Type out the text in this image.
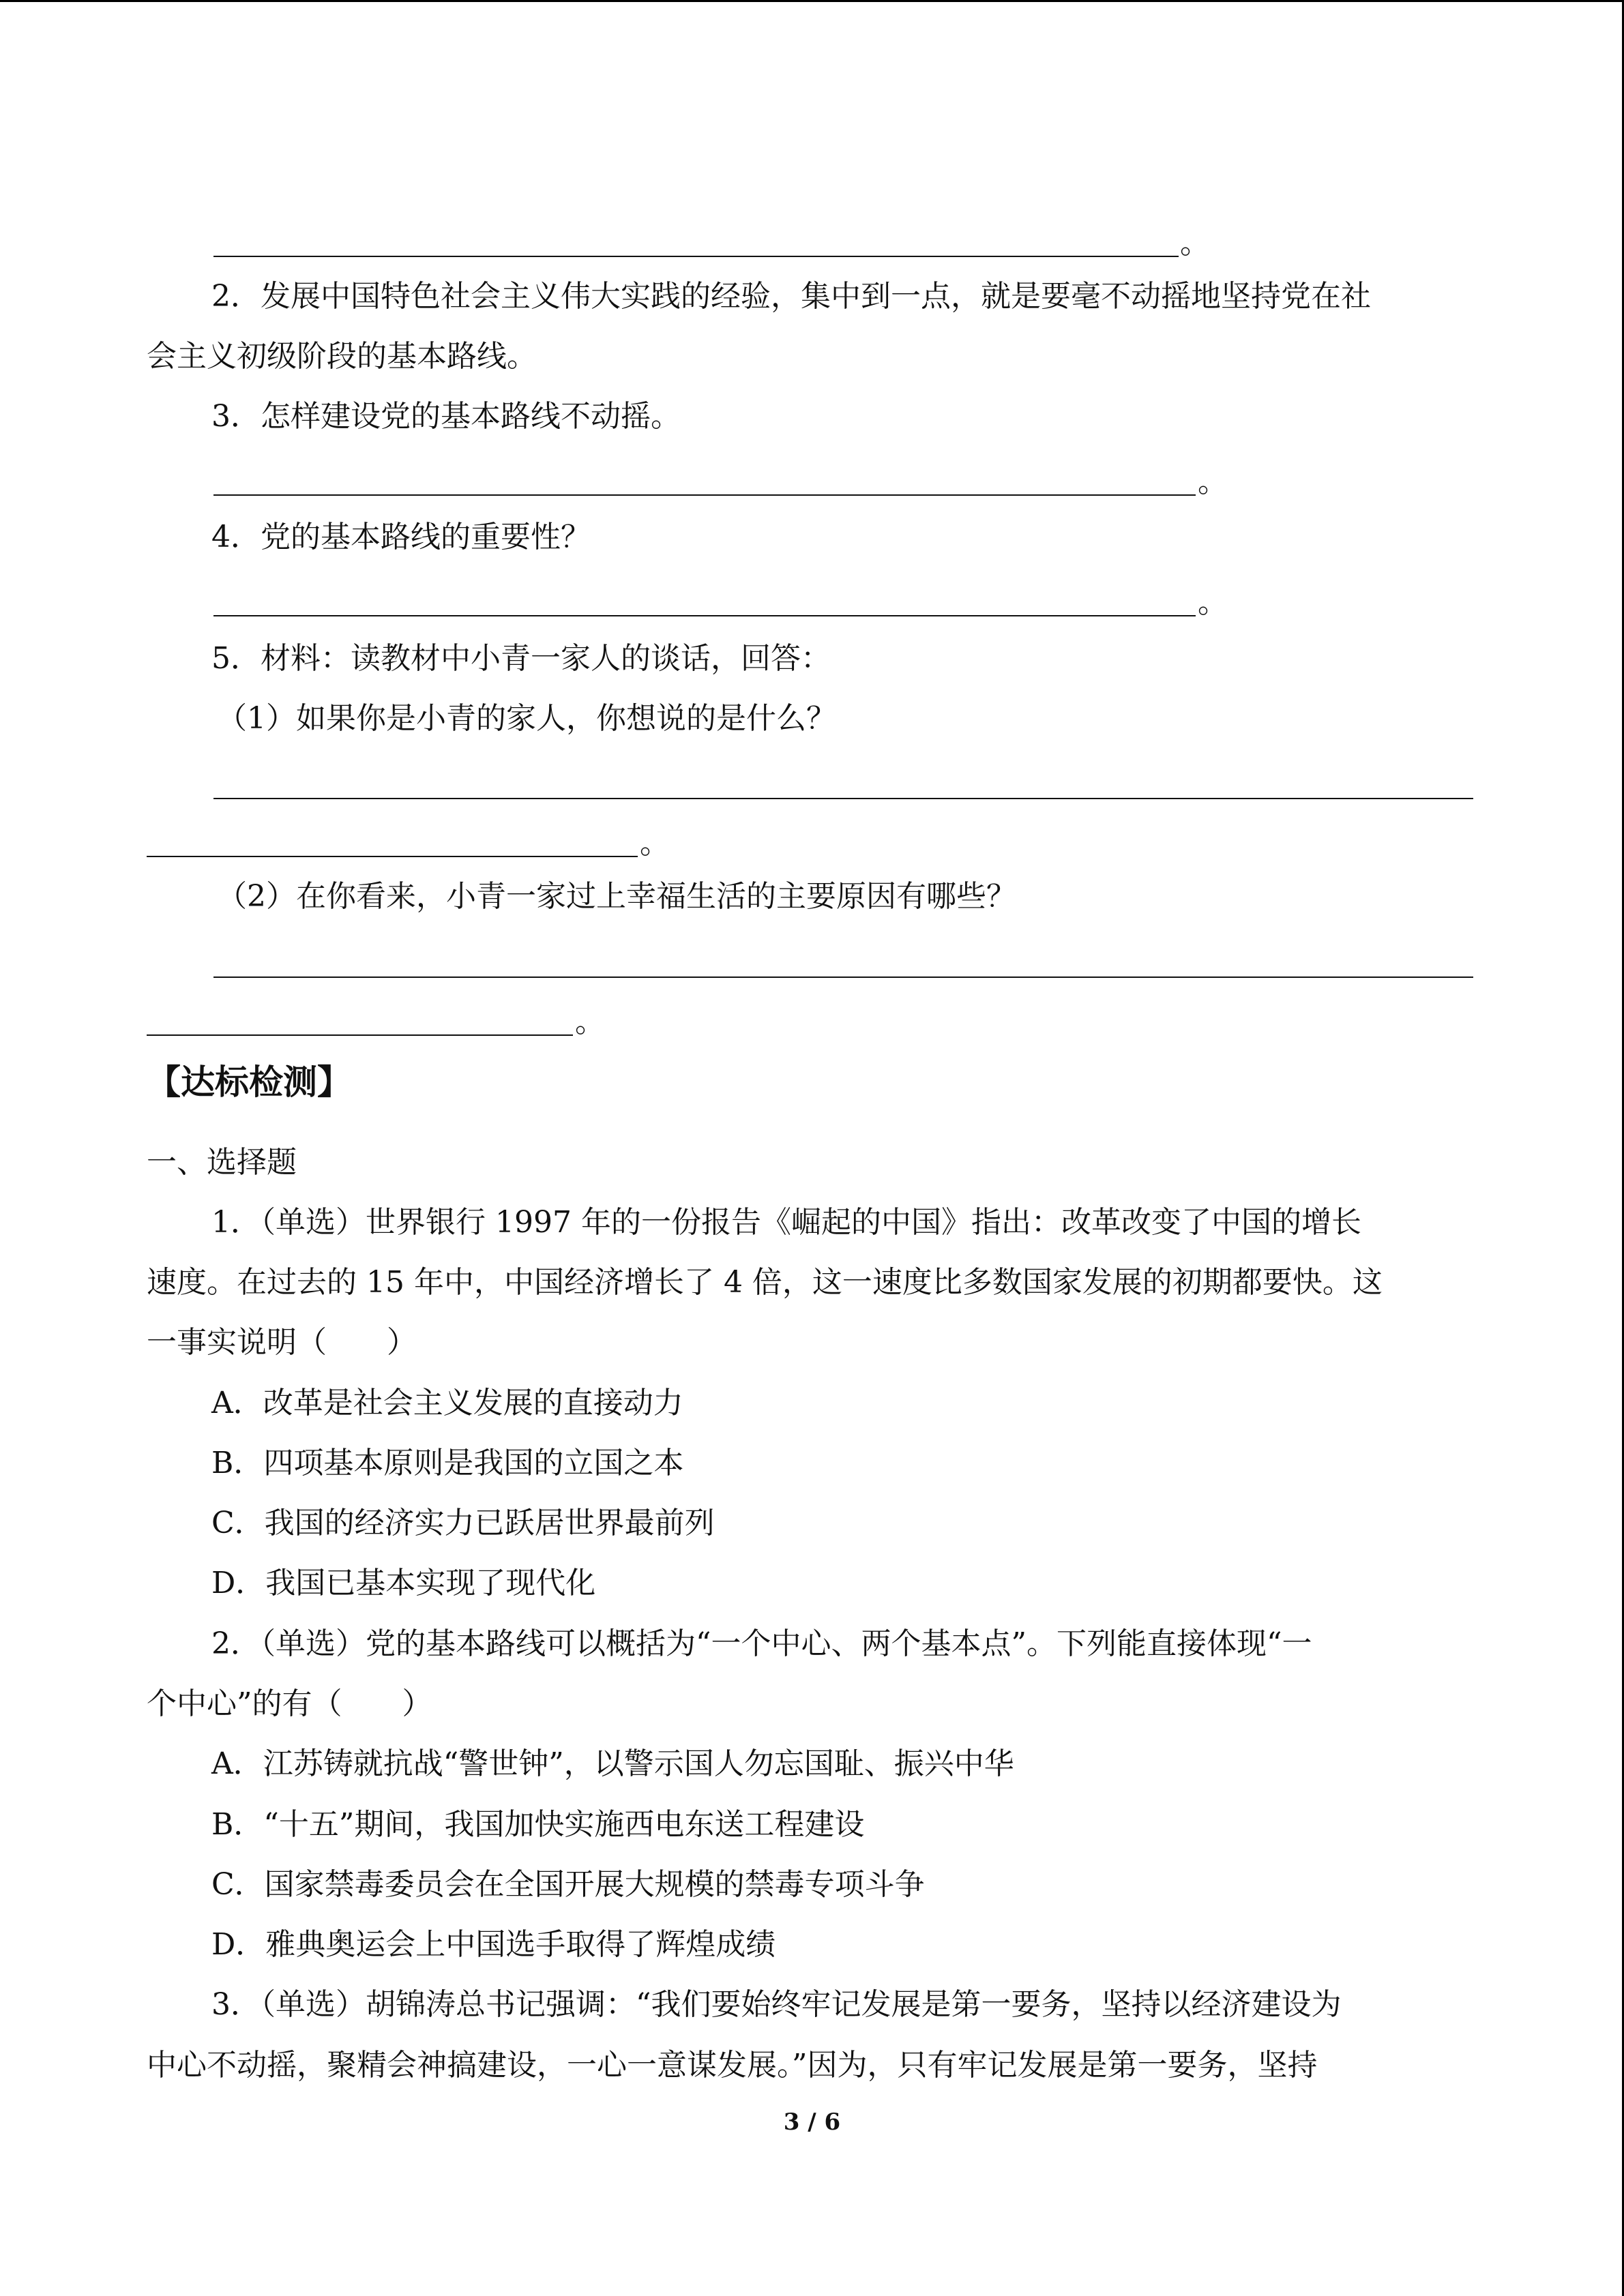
。
2．发展中国特色社会主义伟大实践的经验，集中到一点，就是要毫不动摇地坚持党在社
会主义初级阶段的基本路线。
3．怎样建设党的基本路线不动摇。
。
4．党的基本路线的重要性？
。
5．材料：读教材中小青一家人的谈话，回答：
（1）如果你是小青的家人，你想说的是什么？
。
（2）在你看来，小青一家过上幸福生活的主要原因有哪些？
。
【达标检测】
一、选择题
1．（单选）世界银行 1997 年的一份报告《崛起的中国》指出：改革改变了中国的增长
速度。在过去的 15 年中，中国经济增长了 4 倍，这一速度比多数国家发展的初期都要快。这
一事实说明（　　）
A．改革是社会主义发展的直接动力
B．四项基本原则是我国的立国之本
C．我国的经济实力已跃居世界最前列
D．我国已基本实现了现代化
2．（单选）党的基本路线可以概括为“一个中心、两个基本点”。下列能直接体现“一
个中心”的有（　　）
A．江苏铸就抗战“警世钟”，以警示国人勿忘国耻、振兴中华
B．“十五”期间，我国加快实施西电东送工程建设
C．国家禁毒委员会在全国开展大规模的禁毒专项斗争
D．雅典奥运会上中国选手取得了辉煌成绩
3．（单选）胡锦涛总书记强调：“我们要始终牢记发展是第一要务，坚持以经济建设为
中心不动摇，聚精会神搞建设，一心一意谋发展。”因为，只有牢记发展是第一要务，坚持
3 / 6
